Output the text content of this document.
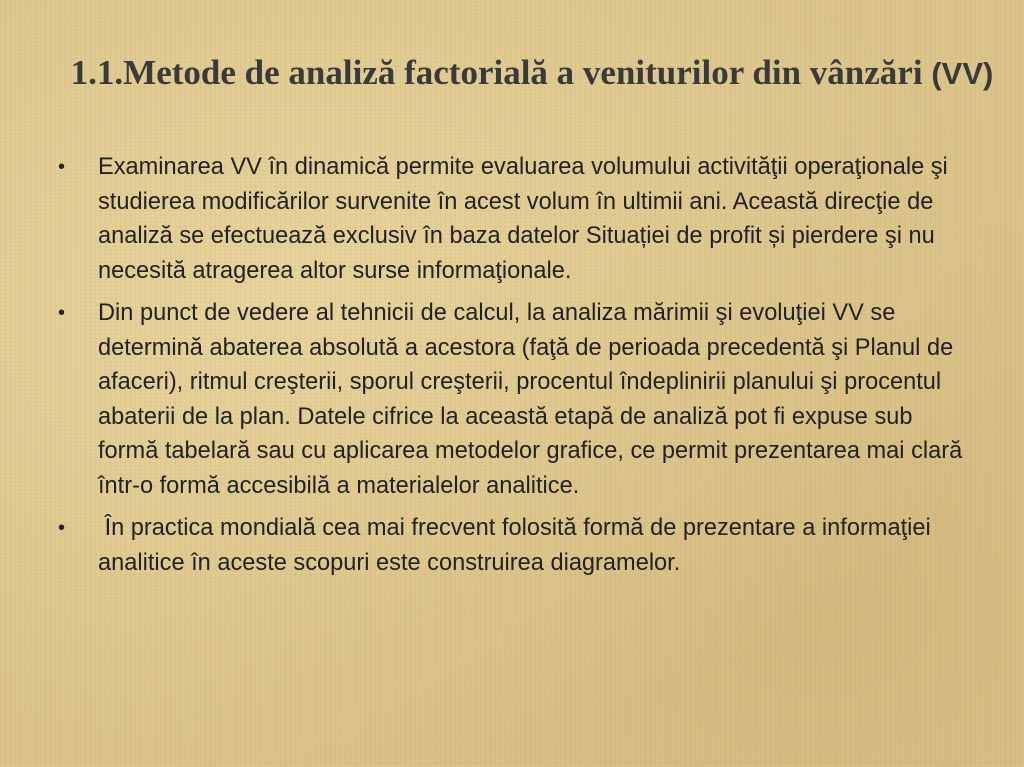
1.1.Metode de analiză factorială a veniturilor din vânzări (VV)
•	Examinarea VV în dinamică permite evaluarea volumului activităţii operaţionale şi studierea modificărilor survenite în acest volum în ultimii ani. Această direcţie de analiză se efectuează exclusiv în baza datelor Situației de profit și pierdere şi nu necesită atragerea altor surse informaţionale.
•	Din punct de vedere al tehnicii de calcul, la analiza mărimii şi evoluţiei VV se determină abaterea absolută a acestora (faţă de perioada precedentă şi Planul de afaceri), ritmul creşterii, sporul creşterii, procentul îndeplinirii planului şi procentul abaterii de la plan. Datele cifrice la această etapă de analiză pot fi expuse sub formă tabelară sau cu aplicarea metodelor grafice, ce permit prezentarea mai clară într-o formă accesibilă a materialelor analitice.
•	În practica mondială cea mai frecvent folosită formă de prezentare a informaţiei analitice în aceste scopuri este construirea diagramelor.
